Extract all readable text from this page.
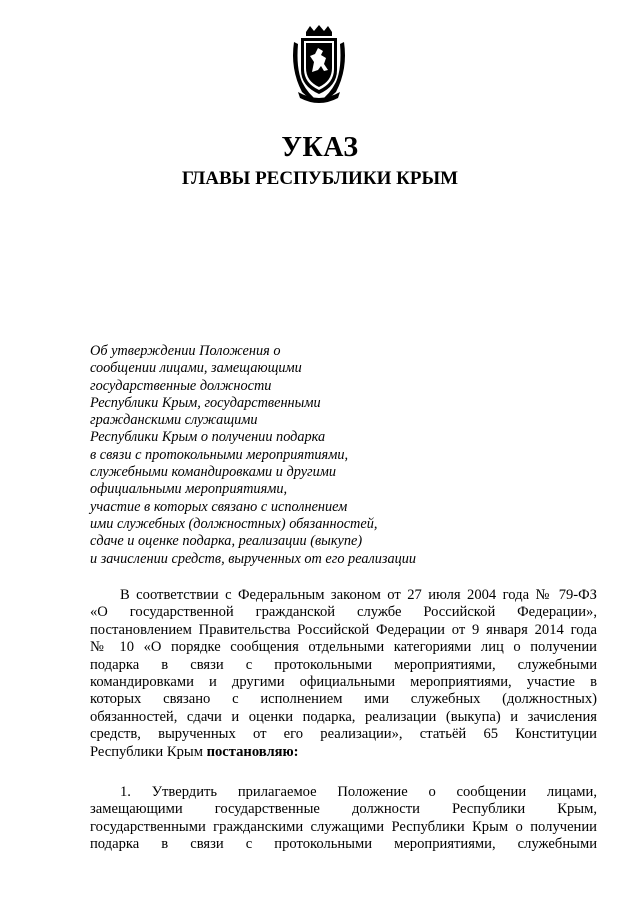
УКАЗ
ГЛАВЫ РЕСПУБЛИКИ КРЫМ
Об утверждении Положения о
сообщении лицами, замещающими
государственные должности
Республики Крым, государственными
гражданскими служащими
Республики Крым о получении подарка
в связи с протокольными мероприятиями,
служебными командировками и другими
официальными мероприятиями,
участие в которых связано с исполнением
ими служебных (должностных) обязанностей,
сдаче и оценке подарка, реализации (выкупе)
и зачислении средств, вырученных от его реализации
В соответствии с Федеральным законом от 27 июля 2004 года № 79-ФЗ
«О государственной гражданской службе Российской Федерации»,
постановлением Правительства Российской Федерации от 9 января 2014 года
№ 10 «О порядке сообщения отдельными категориями лиц о получении
подарка в связи с протокольными мероприятиями, служебными
командировками и другими официальными мероприятиями, участие в
которых связано с исполнением ими служебных (должностных)
обязанностей, сдачи и оценки подарка, реализации (выкупа) и зачисления
средств, вырученных от его реализации», статьёй 65 Конституции
Республики Крым постановляю:
1. Утвердить прилагаемое Положение о сообщении лицами,
замещающими государственные должности Республики Крым,
государственными гражданскими служащими Республики Крым о получении
подарка в связи с протокольными мероприятиями, служебными
